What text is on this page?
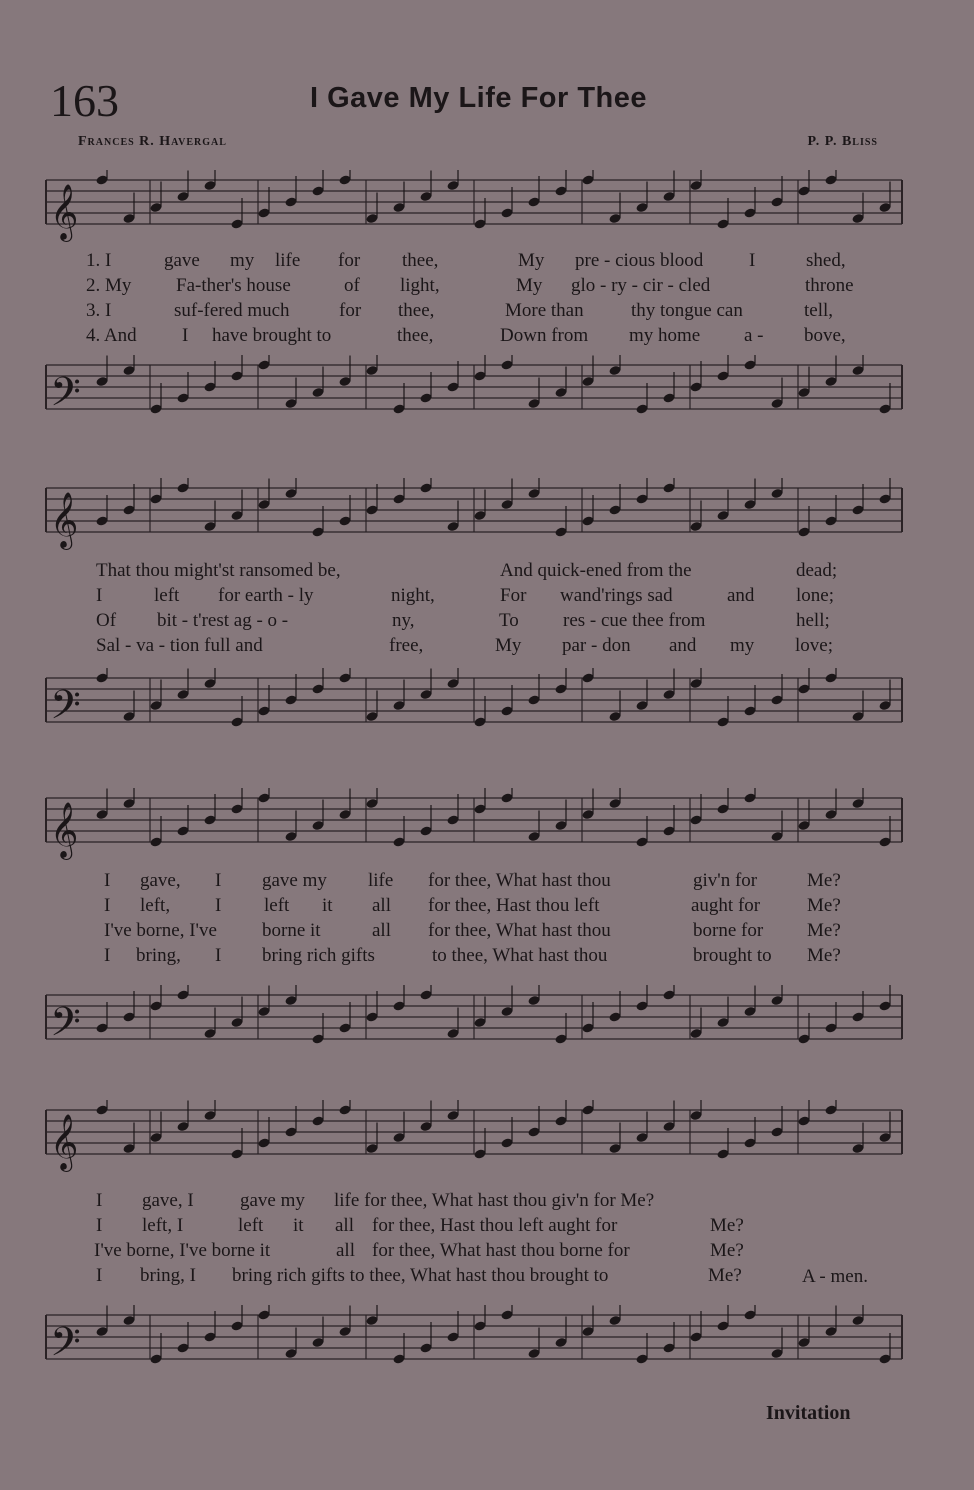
163	I Gave My Life For Thee
Frances R. Havergal	P. P. Bliss
𝄞
1. I	gave my life for thee,	My pre - cious blood I	shed,
2. My Fa-ther's house	of light,	My glo - ry - cir - cled	throne
3. I	suf-fered much	for thee,	More than thy tongue can	tell,
4. And I have brought to	thee,	Down from my home a - bove,
𝄢
𝄞
That thou might'st ransomed be,	And quick-ened from the	dead;
I	left for earth - ly	night,	For wand'rings sad	and lone;
Of bit - t'rest ag - o -	ny,	To res - cue thee from	hell;
Sal - va - tion full and	free,	My par - don and my love;
𝄢
𝄞
I gave, I gave my life for thee, What hast thou	giv'n for	Me?
I left, I left it all for thee, Hast thou left	aught for Me?
I've borne, I've borne it	all for thee, What hast thou	borne for Me?
I bring, I bring rich gifts	to thee, What hast thou	brought to Me?
𝄢
𝄞
I gave, I gave my life for thee, What hast thou giv'n for Me?
I left, I	left it all for thee, Hast thou left aught for	Me?
I've borne, I've borne it	all for thee, What hast thou borne for	Me?
I bring, I bring rich gifts to thee, What hast thou brought to	Me?	A - men.
𝄢
Invitation
